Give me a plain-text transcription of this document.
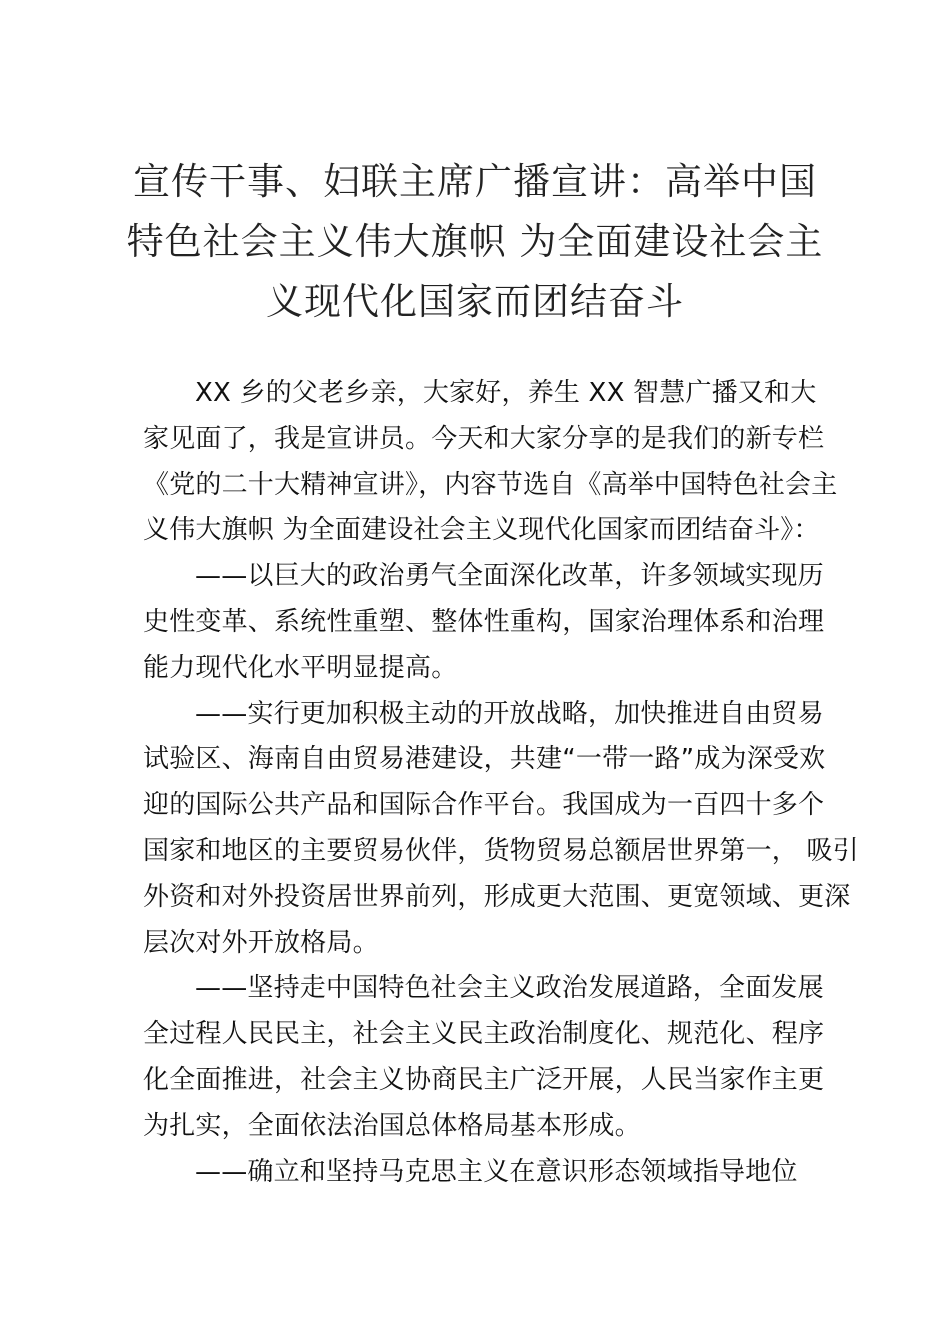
宣传干事、妇联主席广播宣讲：高举中国
特色社会主义伟大旗帜 为全面建设社会主
义现代化国家而团结奋斗

XX 乡的父老乡亲，大家好，养生 XX 智慧广播又和大
家见面了，我是宣讲员。今天和大家分享的是我们的新专栏
《党的二十大精神宣讲》，内容节选自《高举中国特色社会主
义伟大旗帜 为全面建设社会主义现代化国家而团结奋斗》：

——以巨大的政治勇气全面深化改革，许多领域实现历
史性变革、系统性重塑、整体性重构，国家治理体系和治理
能力现代化水平明显提高。

——实行更加积极主动的开放战略，加快推进自由贸易
试验区、海南自由贸易港建设，共建“一带一路”成为深受欢
迎的国际公共产品和国际合作平台。我国成为一百四十多个
国家和地区的主要贸易伙伴，货物贸易总额居世界第一， 吸引
外资和对外投资居世界前列，形成更大范围、更宽领域、更深
层次对外开放格局。

——坚持走中国特色社会主义政治发展道路，全面发展
全过程人民民主，社会主义民主政治制度化、规范化、程序
化全面推进，社会主义协商民主广泛开展，人民当家作主更
为扎实，全面依法治国总体格局基本形成。

——确立和坚持马克思主义在意识形态领域指导地位
